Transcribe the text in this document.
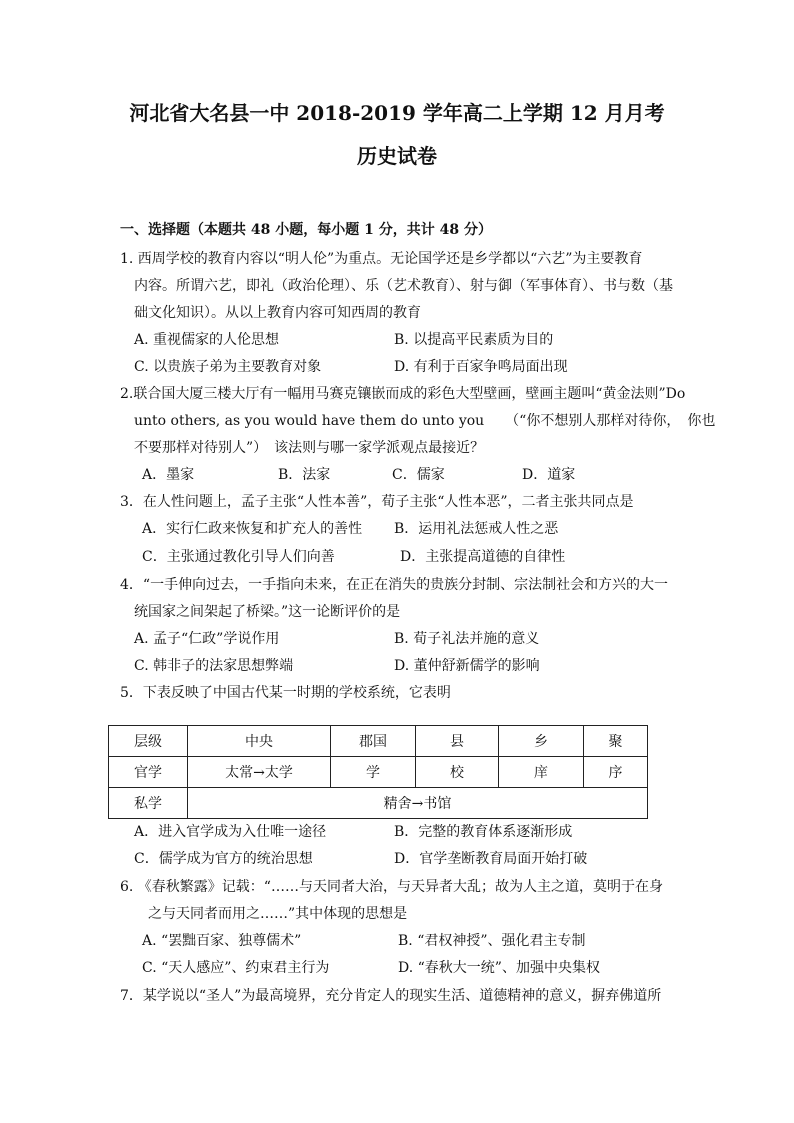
河北省大名县一中 2018-2019 学年高二上学期 12 月月考
历史试卷
一、选择题（本题共 48 小题，每小题 1 分，共计 48 分）
1. 西周学校的教育内容以“明人伦”为重点。无论国学还是乡学都以“六艺”为主要教育
内容。所谓六艺，即礼（政治伦理）、乐（艺术教育）、射与御（军事体育）、书与数（基
础文化知识）。从以上教育内容可知西周的教育
A. 重视儒家的人伦思想	B. 以提高平民素质为目的
C. 以贵族子弟为主要教育对象	D. 有利于百家争鸣局面出现
2.联合国大厦三楼大厅有一幅用马赛克镶嵌而成的彩色大型壁画，壁画主题叫“黄金法则”Do
unto others, as you would have them do unto you　　（“你不想别人那样对待你，　你也
不要那样对待别人”）　该法则与哪一家学派观点最接近？
A．墨家	B．法家	C．儒家	D．道家
3．在人性问题上，孟子主张“人性本善”，荀子主张“人性本恶”，二者主张共同点是
A．实行仁政来恢复和扩充人的善性 B．运用礼法惩戒人性之恶
C．主张通过教化引导人们向善	D．主张提高道德的自律性
4．“一手伸向过去，一手指向未来，在正在消失的贵族分封制、宗法制社会和方兴的大一
统国家之间架起了桥梁。”这一论断评价的是
A. 孟子“仁政”学说作用	B. 荀子礼法并施的意义
C. 韩非子的法家思想弊端	D. 董仲舒新儒学的影响
5．下表反映了中国古代某一时期的学校系统，它表明
层级	中央	郡国	县	乡	聚
官学	太常→太学	学	校	庠	序
私学	精舍→书馆				
A．进入官学成为入仕唯一途径	B．完整的教育体系逐渐形成
C．儒学成为官方的统治思想	D．官学垄断教育局面开始打破
6. 《春秋繁露》记载：“……与天同者大治，与天异者大乱；故为人主之道，莫明于在身
之与天同者而用之……”其中体现的思想是
A. “罢黜百家、独尊儒术”	B. “君权神授”、强化君主专制
C. “天人感应”、约束君主行为	D. “春秋大一统”、加强中央集权
7．某学说以“圣人”为最高境界，充分肯定人的现实生活、道德精神的意义，摒弃佛道所
